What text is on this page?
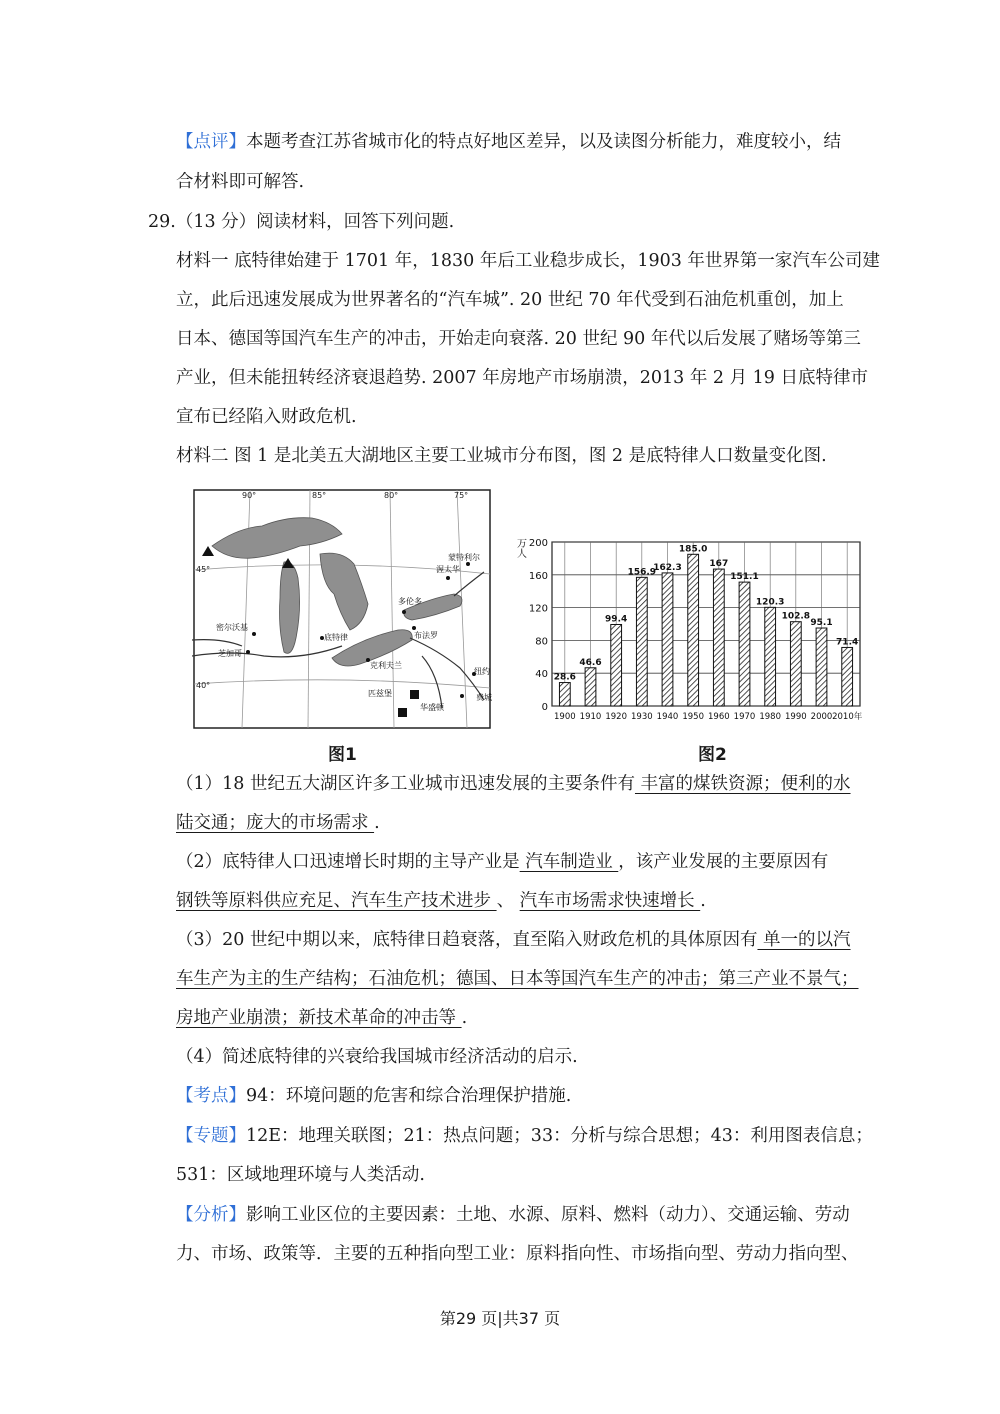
【点评】本题考查江苏省城市化的特点好地区差异，以及读图分析能力，难度较小，结
合材料即可解答.
29.（13 分）阅读材料，回答下列问题.
材料一 底特律始建于 1701 年，1830 年后工业稳步成长，1903 年世界第一家汽车公司建
立，此后迅速发展成为世界著名的“汽车城”. 20 世纪 70 年代受到石油危机重创，加上
日本、德国等国汽车生产的冲击，开始走向衰落. 20 世纪 90 年代以后发展了赌场等第三
产业，但未能扭转经济衰退趋势. 2007 年房地产市场崩溃，2013 年 2 月 19 日底特律市
宣布已经陷入财政危机.
材料二 图 1 是北美五大湖地区主要工业城市分布图，图 2 是底特律人口数量变化图.
90°	85°	80°	75°
45°
40°
密尔沃基
芝加哥
底特律
多伦多
布法罗
克利夫兰
匹兹堡
华盛顿
费城
纽约
渥太华
蒙特利尔
图1
万人
0
40
80
120
160
200
1900 1910 1920 1930 1940 1950 1960 1970 1980 1990 2000 2010年
28.6
46.6
99.4
156.9
162.3
185.0
167
151.1
120.3
102.8
95.1
71.4
图2
（1）18 世纪五大湖区许多工业城市迅速发展的主要条件有 丰富的煤铁资源；便利的水
陆交通；庞大的市场需求 .
（2）底特律人口迅速增长时期的主导产业是 汽车制造业 ，该产业发展的主要原因有
钢铁等原料供应充足、汽车生产技术进步 、 汽车市场需求快速增长 .
（3）20 世纪中期以来，底特律日趋衰落，直至陷入财政危机的具体原因有 单一的以汽
车生产为主的生产结构；石油危机；德国、日本等国汽车生产的冲击；第三产业不景气；
房地产业崩溃；新技术革命的冲击等 .
（4）简述底特律的兴衰给我国城市经济活动的启示.
【考点】94：环境问题的危害和综合治理保护措施.
【专题】12E：地理关联图；21：热点问题；33：分析与综合思想；43：利用图表信息；
531：区域地理环境与人类活动.
【分析】影响工业区位的主要因素：土地、水源、原料、燃料（动力）、交通运输、劳动
力、市场、政策等．主要的五种指向型工业：原料指向性、市场指向型、劳动力指向型、
第29 页|共37 页
